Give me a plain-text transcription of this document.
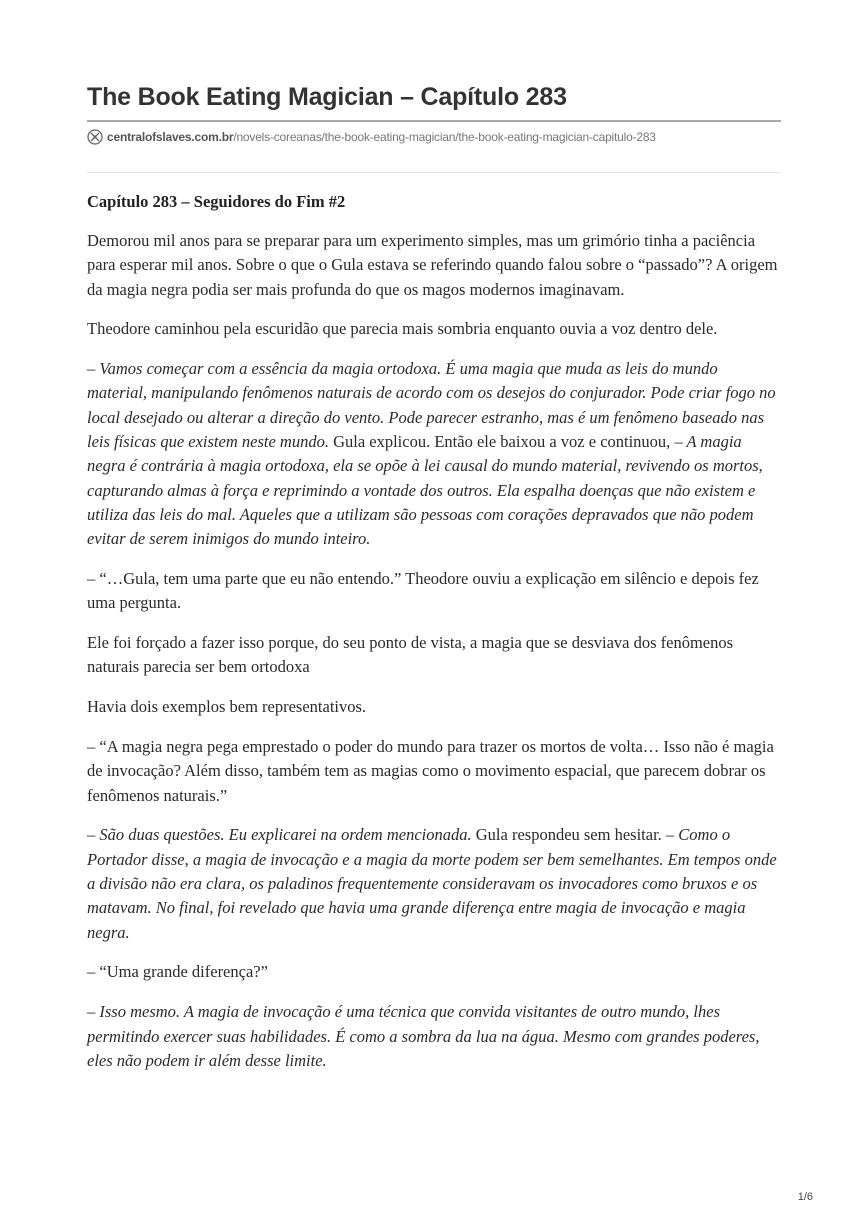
The Book Eating Magician – Capítulo 283
centralofslaves.com.br /novels-coreanas/the-book-eating-magician/the-book-eating-magician-capitulo-283
Capítulo 283 – Seguidores do Fim #2

Demorou mil anos para se preparar para um experimento simples, mas um grimório tinha a paciência para esperar mil anos. Sobre o que o Gula estava se referindo quando falou sobre o “passado”? A origem da magia negra podia ser mais profunda do que os magos modernos imaginavam.

Theodore caminhou pela escuridão que parecia mais sombria enquanto ouvia a voz dentro dele.

– Vamos começar com a essência da magia ortodoxa. É uma magia que muda as leis do mundo material, manipulando fenômenos naturais de acordo com os desejos do conjurador. Pode criar fogo no local desejado ou alterar a direção do vento. Pode parecer estranho, mas é um fenômeno baseado nas leis físicas que existem neste mundo. Gula explicou. Então ele baixou a voz e continuou, – A magia negra é contrária à magia ortodoxa, ela se opõe à lei causal do mundo material, revivendo os mortos, capturando almas à força e reprimindo a vontade dos outros. Ela espalha doenças que não existem e utiliza das leis do mal. Aqueles que a utilizam são pessoas com corações depravados que não podem evitar de serem inimigos do mundo inteiro.

– “…Gula, tem uma parte que eu não entendo.” Theodore ouviu a explicação em silêncio e depois fez uma pergunta.

Ele foi forçado a fazer isso porque, do seu ponto de vista, a magia que se desviava dos fenômenos naturais parecia ser bem ortodoxa

Havia dois exemplos bem representativos.

– “A magia negra pega emprestado o poder do mundo para trazer os mortos de volta… Isso não é magia de invocação? Além disso, também tem as magias como o movimento espacial, que parecem dobrar os fenômenos naturais.”

– São duas questões. Eu explicarei na ordem mencionada. Gula respondeu sem hesitar. – Como o Portador disse, a magia de invocação e a magia da morte podem ser bem semelhantes. Em tempos onde a divisão não era clara, os paladinos frequentemente consideravam os invocadores como bruxos e os matavam. No final, foi revelado que havia uma grande diferença entre magia de invocação e magia negra.

– “Uma grande diferença?”

– Isso mesmo. A magia de invocação é uma técnica que convida visitantes de outro mundo, lhes permitindo exercer suas habilidades. É como a sombra da lua na água. Mesmo com grandes poderes, eles não podem ir além desse limite.

1/6
